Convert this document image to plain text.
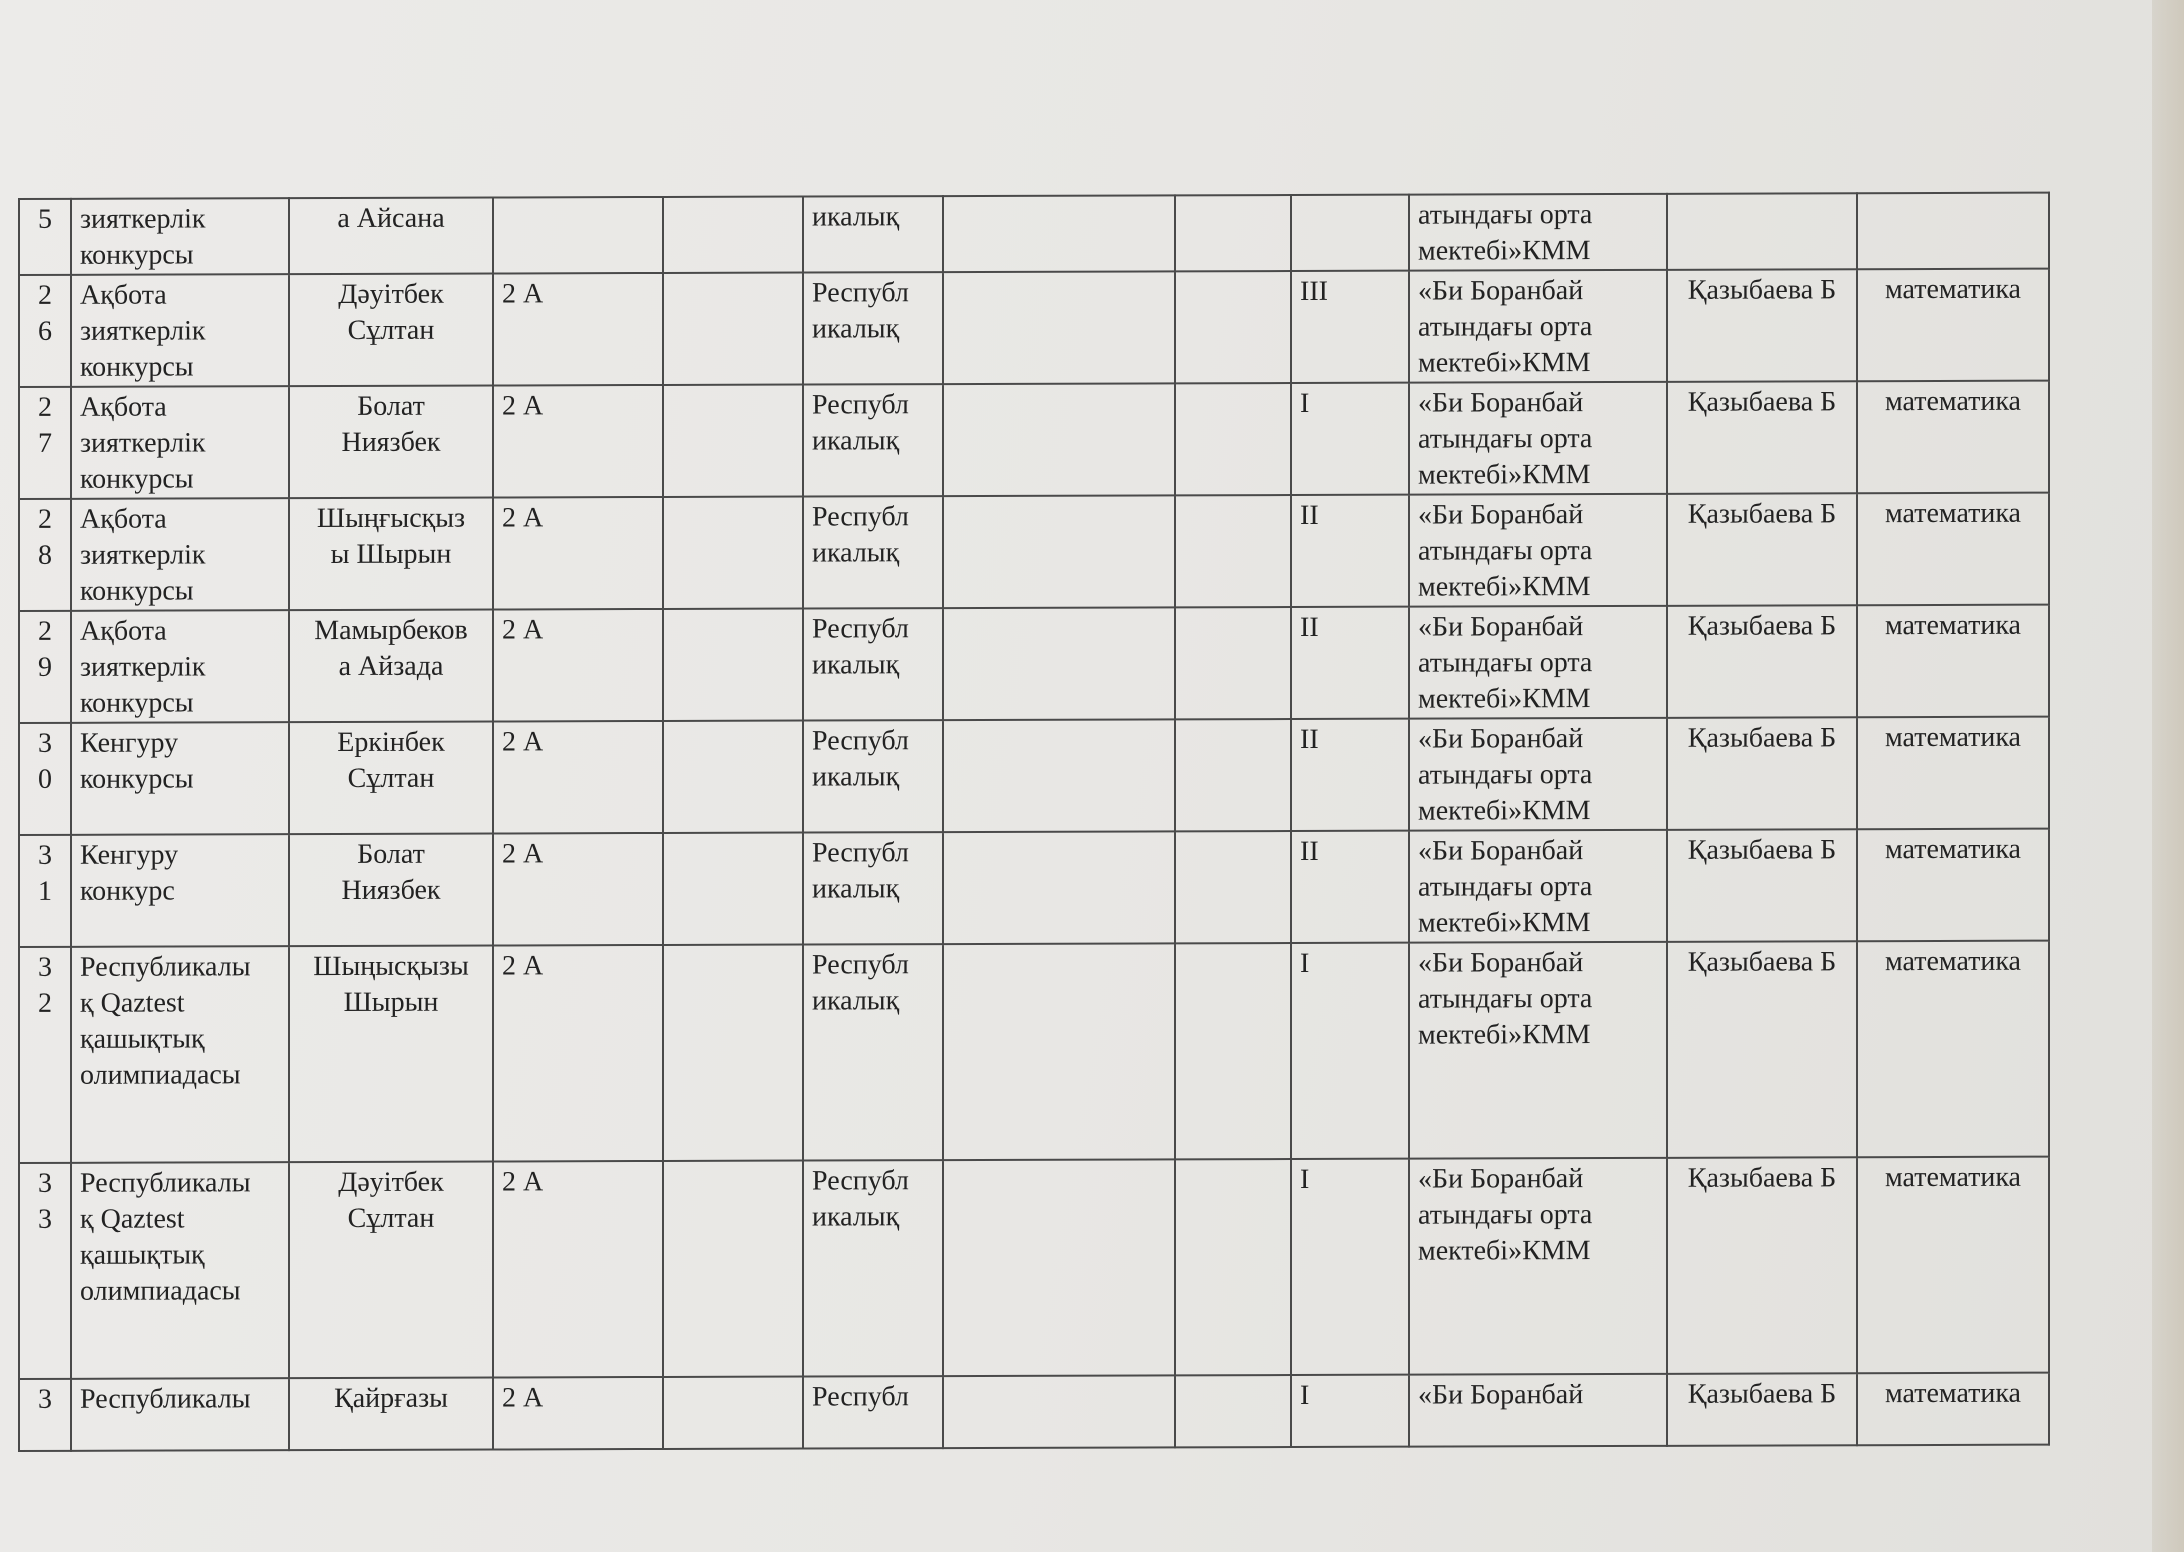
5	зияткерлік
конкурсы	а Айсана			икалық				атындағы орта
мектебі»КММ		

2
6	Ақбота
зияткерлік
конкурсы	Дәуітбек
Сұлтан	2 А		Республ
икалық			III	«Би Боранбай
атындағы орта
мектебі»КММ	Қазыбаева Б	математика

2
7	Ақбота
зияткерлік
конкурсы	Болат
Ниязбек	2 А		Республ
икалық			I	«Би Боранбай
атындағы орта
мектебі»КММ	Қазыбаева Б	математика

2
8	Ақбота
зияткерлік
конкурсы	Шыңғысқыз
ы Шырын	2 А		Республ
икалық			II	«Би Боранбай
атындағы орта
мектебі»КММ	Қазыбаева Б	математика

2
9	Ақбота
зияткерлік
конкурсы	Мамырбеков
а Айзада	2 А		Республ
икалық			II	«Би Боранбай
атындағы орта
мектебі»КММ	Қазыбаева Б	математика

3
0	Кенгуру
конкурсы	Еркінбек
Сұлтан	2 А		Республ
икалық			II	«Би Боранбай
атындағы орта
мектебі»КММ	Қазыбаева Б	математика

3
1	Кенгуру
конкурс	Болат
Ниязбек	2 А		Республ
икалық			II	«Би Боранбай
атындағы орта
мектебі»КММ	Қазыбаева Б	математика

3
2	Республикалы
қ Qaztest
қашықтық
олимпиадасы	Шыңысқызы
Шырын	2 А		Республ
икалық			I	«Би Боранбай
атындағы орта
мектебі»КММ	Қазыбаева Б	математика

3
3	Республикалы
қ Qaztest
қашықтық
олимпиадасы	Дәуітбек
Сұлтан	2 А		Республ
икалық			I	«Би Боранбай
атындағы орта
мектебі»КММ	Қазыбаева Б	математика

3	Республикалы	Қайрғазы	2 А		Республ			I	«Би Боранбай	Қазыбаева Б	математика
